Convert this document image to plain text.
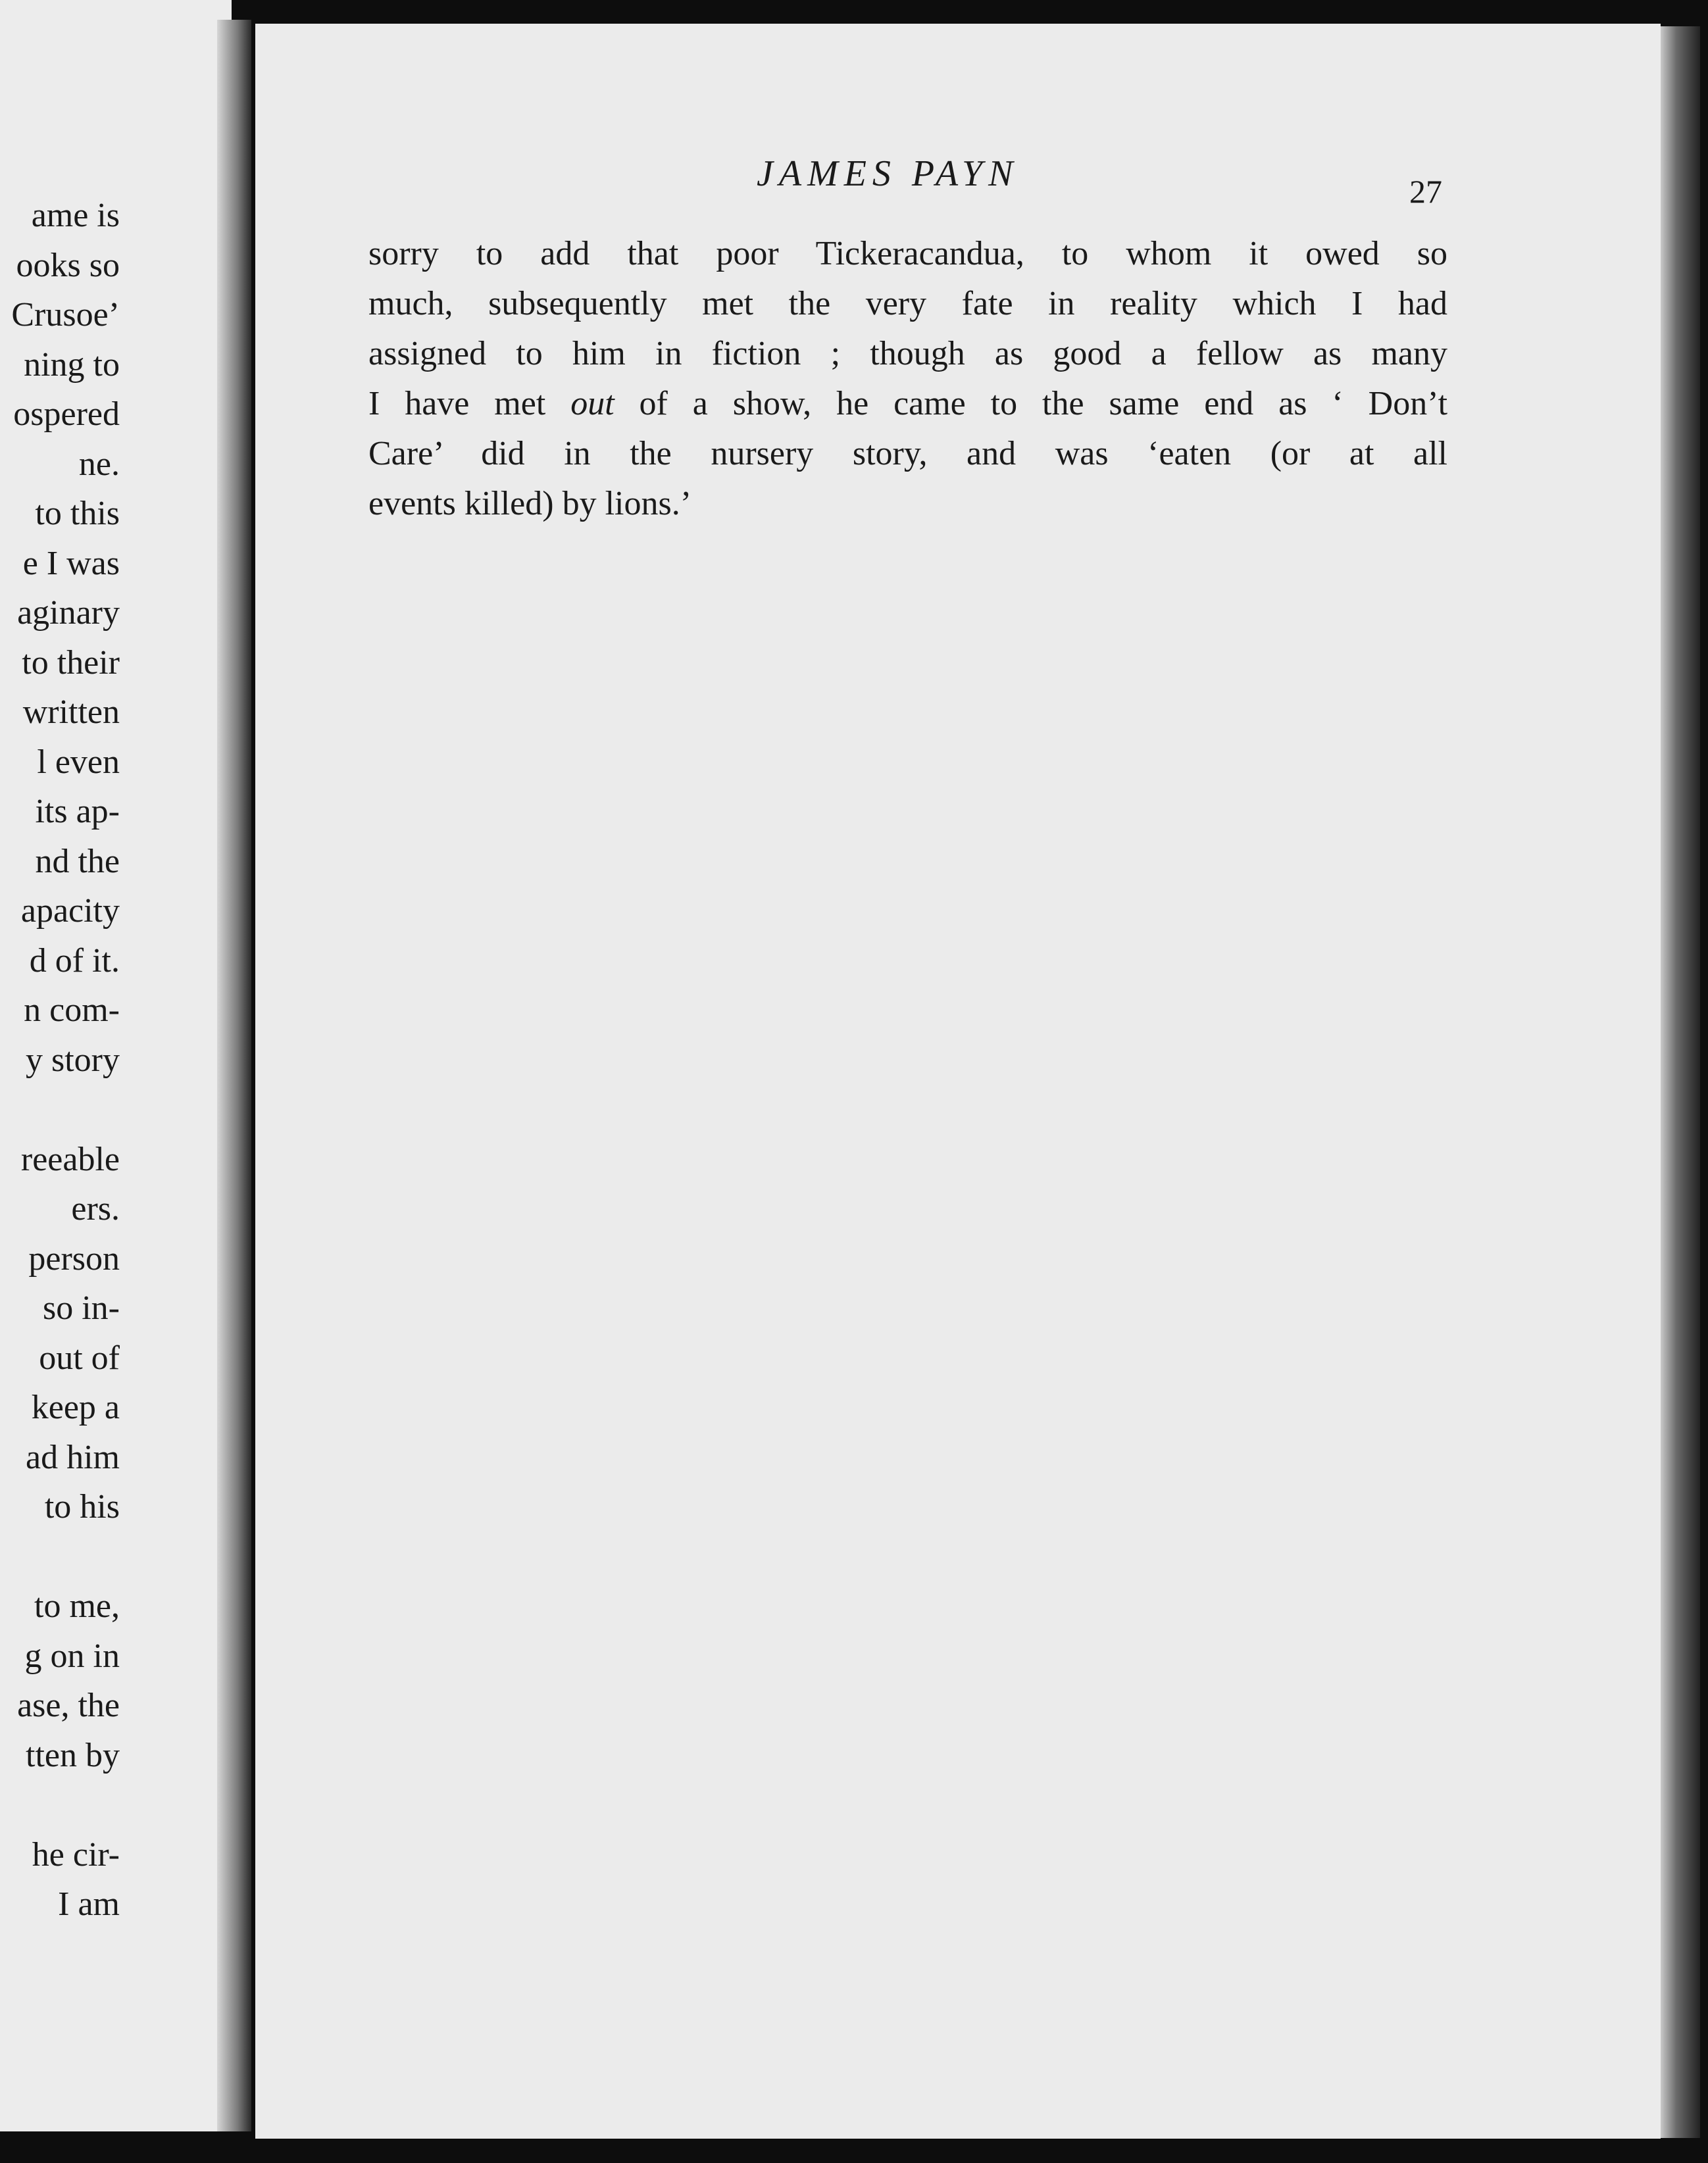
ame is
ooks so
Crusoe’
ning to
ospered
ne.
to this
e I was
aginary
to their
written
l even
its ap-
nd the
apacity
d of it.
n com-
y story
reeable
ers.
person
so in-
out of
keep a
ad him
to his
to me,
g on in
ase, the
tten by
he cir-
I am
JAMES PAYN	27
sorry to add that poor Tickeracandua, to whom it owed so
much, subsequently met the very fate in reality which I had
assigned to him in fiction ; though as good a fellow as many
I have met out of a show, he came to the same end as ‘ Don’t
Care’ did in the nursery story, and was ‘eaten (or at all
events killed) by lions.’
